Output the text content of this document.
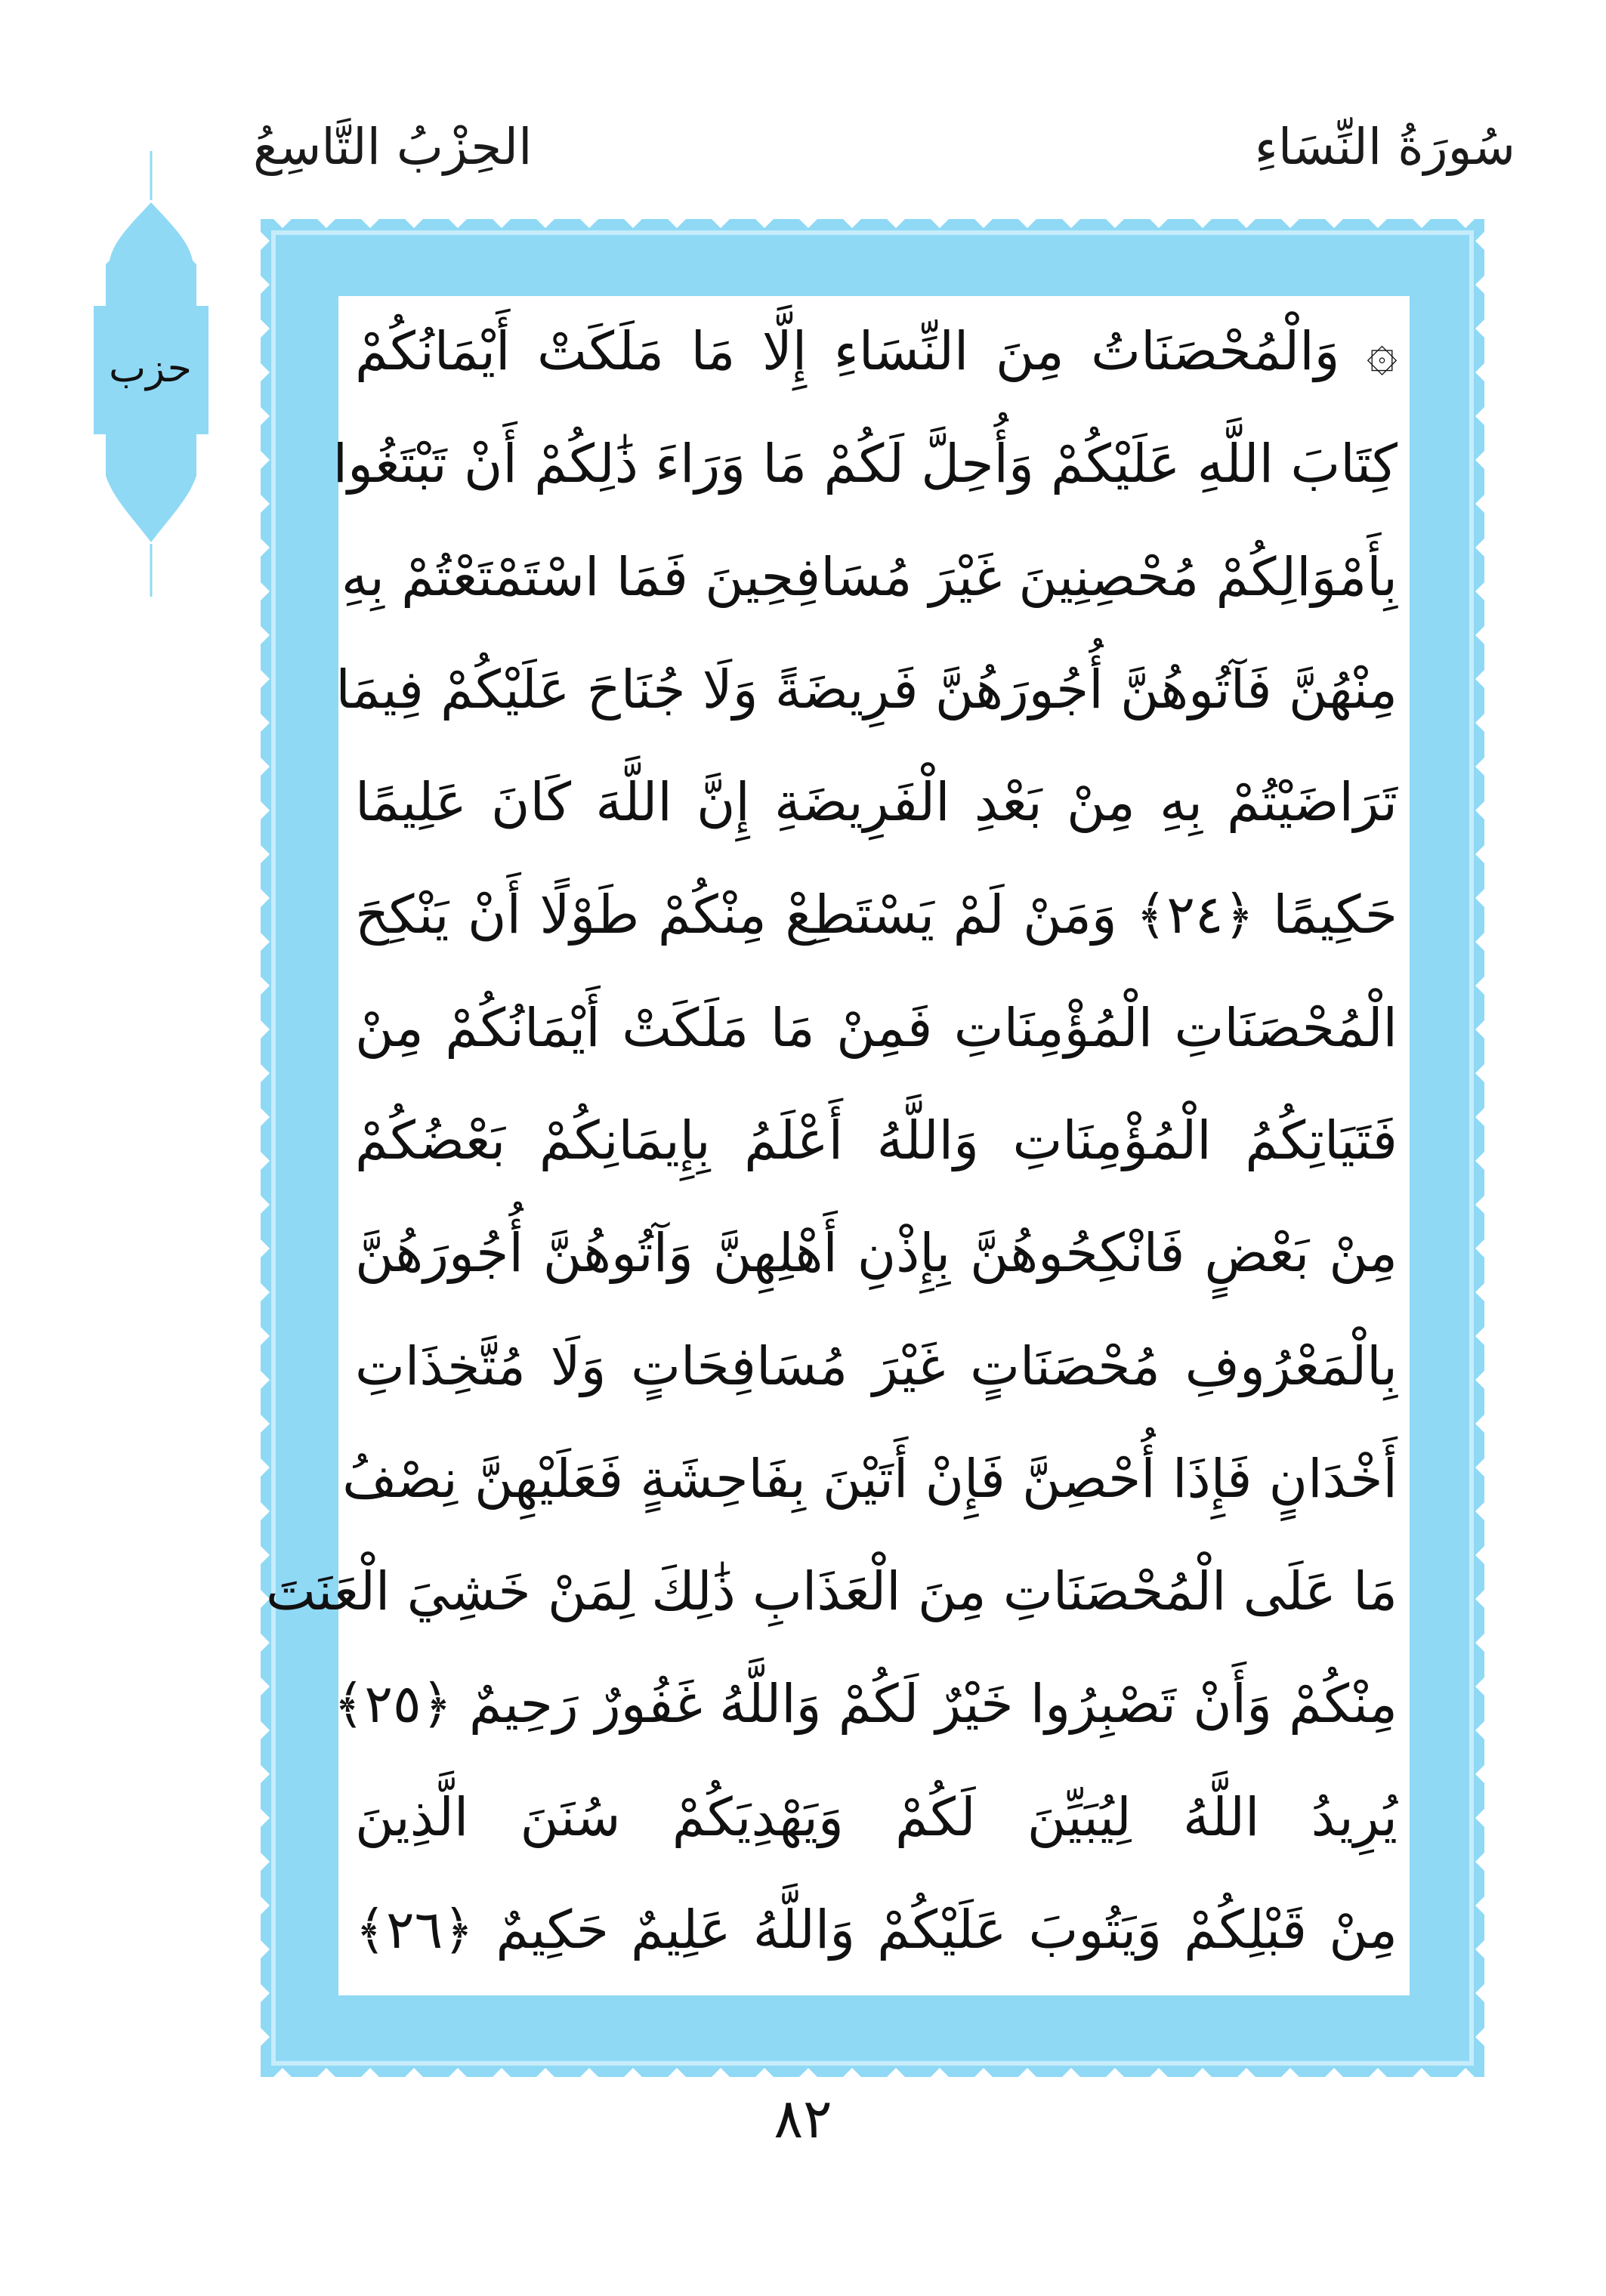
سُورَةُ النِّسَاءِ
الحِزْبُ التَّاسِعُ
حزب	۞ وَالْمُحْصَنَاتُ مِنَ النِّسَاءِ إِلَّا مَا مَلَكَتْ أَيْمَانُكُمْ
كِتَابَ اللَّهِ عَلَيْكُمْ وَأُحِلَّ لَكُمْ مَا وَرَاءَ ذَٰلِكُمْ أَنْ تَبْتَغُوا
بِأَمْوَالِكُمْ مُحْصِنِينَ غَيْرَ مُسَافِحِينَ فَمَا اسْتَمْتَعْتُمْ بِهِ
مِنْهُنَّ فَآتُوهُنَّ أُجُورَهُنَّ فَرِيضَةً وَلَا جُنَاحَ عَلَيْكُمْ فِيمَا
تَرَاضَيْتُمْ بِهِ مِنْ بَعْدِ الْفَرِيضَةِ إِنَّ اللَّهَ كَانَ عَلِيمًا
حَكِيمًا ﴿٢٤﴾ وَمَنْ لَمْ يَسْتَطِعْ مِنْكُمْ طَوْلًا أَنْ يَنْكِحَ
الْمُحْصَنَاتِ الْمُؤْمِنَاتِ فَمِنْ مَا مَلَكَتْ أَيْمَانُكُمْ مِنْ
فَتَيَاتِكُمُ الْمُؤْمِنَاتِ وَاللَّهُ أَعْلَمُ بِإِيمَانِكُمْ بَعْضُكُمْ
مِنْ بَعْضٍ فَانْكِحُوهُنَّ بِإِذْنِ أَهْلِهِنَّ وَآتُوهُنَّ أُجُورَهُنَّ
بِالْمَعْرُوفِ مُحْصَنَاتٍ غَيْرَ مُسَافِحَاتٍ وَلَا مُتَّخِذَاتِ
أَخْدَانٍ فَإِذَا أُحْصِنَّ فَإِنْ أَتَيْنَ بِفَاحِشَةٍ فَعَلَيْهِنَّ نِصْفُ
مَا عَلَى الْمُحْصَنَاتِ مِنَ الْعَذَابِ ذَٰلِكَ لِمَنْ خَشِيَ الْعَنَتَ
مِنْكُمْ وَأَنْ تَصْبِرُوا خَيْرٌ لَكُمْ وَاللَّهُ غَفُورٌ رَحِيمٌ ﴿٢٥﴾
يُرِيدُ اللَّهُ لِيُبَيِّنَ لَكُمْ وَيَهْدِيَكُمْ سُنَنَ الَّذِينَ
مِنْ قَبْلِكُمْ وَيَتُوبَ عَلَيْكُمْ وَاللَّهُ عَلِيمٌ حَكِيمٌ ﴿٢٦﴾
٨٢
